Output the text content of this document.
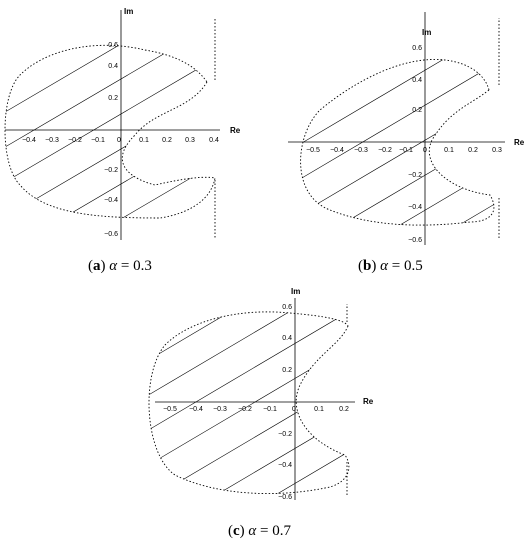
Im
Re
−0.4 −0.3 −0.2 −0.1 0	0.1 0.2 0.3 0.4
0.6
0.4
0.2
−0.2
−0.4
−0.6
Im
Re
−0.5 −0.4 −0.3 −0.2 −0.1 0 0.1 0.2 0.3
0.6
0.4
0.2
−0.2
−0.4
−0.6
Im
Re
−0.5 −0.4 −0.3 −0.2 −0.1 0	0.1 0.2
0.6
0.4
0.2
−0.2
−0.4
−0.6
(a) α = 0.3	(b) α = 0.5
(c) α = 0.7
